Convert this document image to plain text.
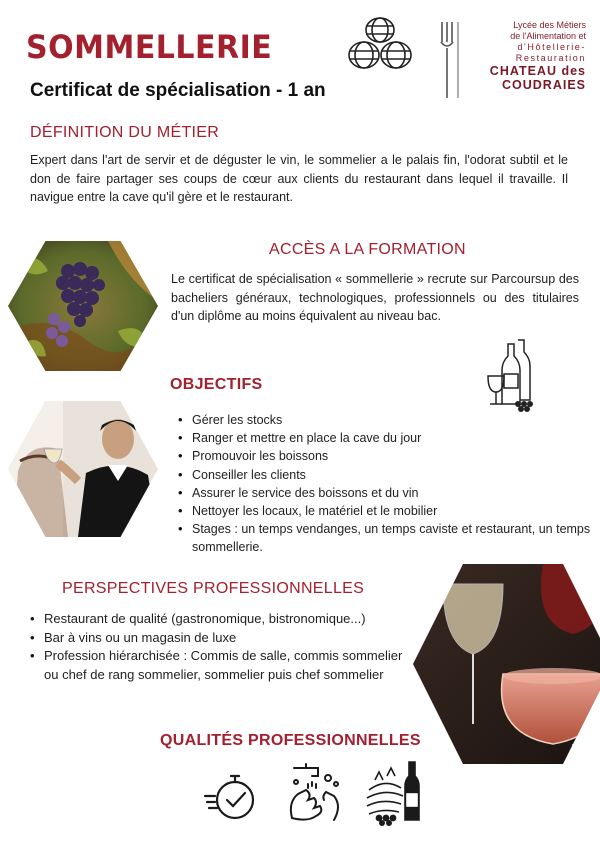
SOMMELLERIE
Certificat de spécialisation - 1 an
Lycée des Métiers
de l'Alimentation et
d'Hôtellerie-
Restauration
CHATEAU des
COUDRAIES
DÉFINITION DU MÉTIER
Expert dans l'art de servir et de déguster le vin, le sommelier a le palais fin, l'odorat subtil et le don de faire partager ses coups de cœur aux clients du restaurant dans lequel il travaille. Il navigue entre la cave qu'il gère et le restaurant.
ACCÈS A LA FORMATION
Le certificat de spécialisation « sommellerie » recrute sur Parcoursup des bacheliers généraux, technologiques, professionnels ou des titulaires d'un diplôme au moins équivalent au niveau bac.
OBJECTIFS
• Gérer les stocks
• Ranger et mettre en place la cave du jour
• Promouvoir les boissons
• Conseiller les clients
• Assurer le service des boissons et du vin
• Nettoyer les locaux, le matériel et le mobilier
• Stages : un temps vendanges, un temps caviste et restaurant, un temps sommellerie.
PERSPECTIVES PROFESSIONNELLES
• Restaurant de qualité (gastronomique, bistronomique...)
• Bar à vins ou un magasin de luxe
• Profession hiérarchisée : Commis de salle, commis sommelier ou chef de rang sommelier, sommelier puis chef sommelier
QUALITÉS PROFESSIONNELLES
